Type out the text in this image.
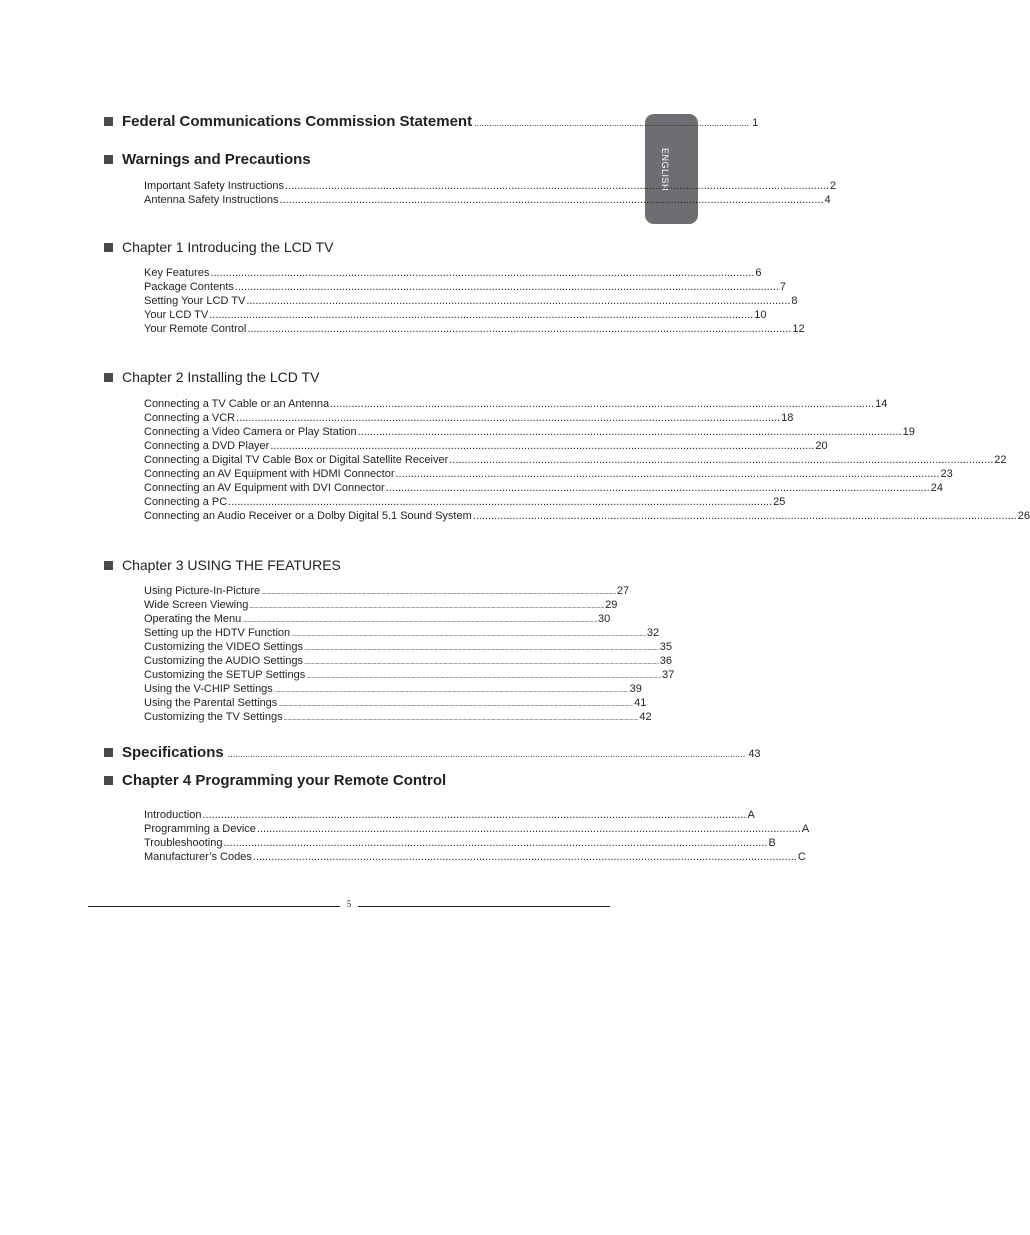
ENGLISH
Federal Communications Commission Statement .............................................................................................................. 1
Warnings and Precautions
Important Safety Instructions .................................................................................................................................................................................. 2
Antenna Safety Instructions .................................................................................................................................................................................. 4
Chapter 1 Introducing the LCD TV
Key Features .................................................................................................................................................................................. 6
Package Contents .................................................................................................................................................................................. 7
Setting Your LCD TV .................................................................................................................................................................................. 8
Your LCD TV .................................................................................................................................................................................. 10
Your Remote Control .................................................................................................................................................................................. 12
Chapter 2 Installing the LCD TV
Connecting a TV Cable or an Antenna .................................................................................................................................................................................. 14
Connecting a VCR .................................................................................................................................................................................. 18
Connecting a Video Camera or Play Station .................................................................................................................................................................................. 19
Connecting a DVD Player .................................................................................................................................................................................. 20
Connecting a Digital TV Cable Box or Digital Satellite Receiver .................................................................................................................................................................................. 22
Connecting an AV Equipment with HDMI Connector .................................................................................................................................................................................. 23
Connecting an AV Equipment with DVI Connector .................................................................................................................................................................................. 24
Connecting a PC .................................................................................................................................................................................. 25
Connecting an Audio Receiver or a Dolby Digital 5.1 Sound System .................................................................................................................................................................................. 26
Chapter 3 USING THE FEATURES
Using Picture-In-Picture ........................................................................................................................................................................................................................................................................................ 27
Wide Screen Viewing ........................................................................................................................................................................................................................................................................................ 29
Operating the Menu ........................................................................................................................................................................................................................................................................................ 30
Setting up the HDTV Function ........................................................................................................................................................................................................................................................................................ 32
Customizing the VIDEO Settings ........................................................................................................................................................................................................................................................................................ 35
Customizing the AUDIO Settings ........................................................................................................................................................................................................................................................................................ 36
Customizing the SETUP Settings ........................................................................................................................................................................................................................................................................................ 37
Using the V-CHIP Settings ........................................................................................................................................................................................................................................................................................ 39
Using the Parental Settings ........................................................................................................................................................................................................................................................................................ 41
Customizing the TV Settings ........................................................................................................................................................................................................................................................................................ 42
Specifications ............................................................................................................................................................................................................... 43
Chapter 4 Programming your Remote Control
Introduction .................................................................................................................................................................................. A
Programming a Device .................................................................................................................................................................................. A
Troubleshooting .................................................................................................................................................................................. B
Manufacturer’s Codes .................................................................................................................................................................................. C
5
